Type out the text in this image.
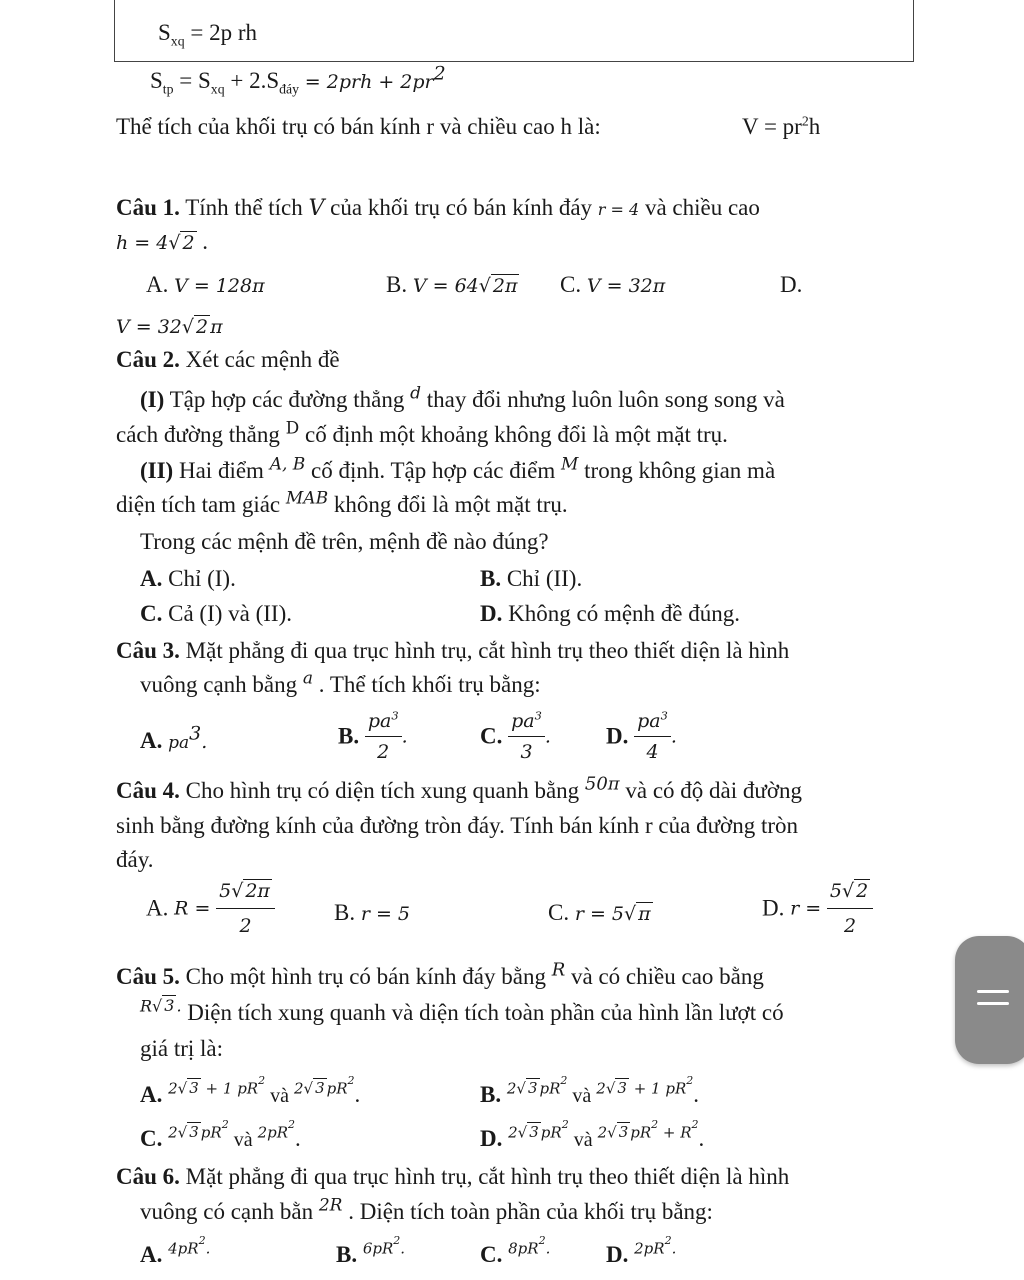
$S_{xq} = 2p$ rh
$S_{tp} = S_{xq} + 2.S_{đáy} = 2prh + 2pr^2$
Thể tích của khối trụ có bán kính r và chiều cao h là:	$V = pr^2h$
Câu 1. Tính thể tích V của khối trụ có bán kính đáy r = 4 và chiều cao
h = 4√ 2 .
A. V = 128π	B. V = 64√ 2π C. V = 32π	D.
V = 32√ 2 π
Câu 2. Xét các mệnh đề
(I) Tập hợp các đường thẳng $^d$ thay đổi nhưng luôn luôn song song và
cách đường thẳng $^D$ cố định một khoảng không đổi là một mặt trụ.
(II) Hai điểm $^{A, B}$ cố định. Tập hợp các điểm $^M$ trong không gian mà
diện tích tam giác $^{MAB}$ không đổi là một mặt trụ.
Trong các mệnh đề trên, mệnh đề nào đúng?
A. Chỉ (I).	B. Chỉ (II).
C. Cả (I) và (II).	D. Không có mệnh đề đúng.
Câu 3. Mặt phẳng đi qua trục hình trụ, cắt hình trụ theo thiết diện là hình
vuông cạnh bằng $^a$ . Thể tích khối trụ bằng:
A. $pa^3$.	B. $\frac{pa^3}{2}$ .	C. $\frac{pa^3}{3}$ . D. $\frac{pa^3}{4}$ .
Câu 4. Cho hình trụ có diện tích xung quanh bằng $^{50\pi}$ và có độ dài đường
sinh bằng đường kính của đường tròn đáy. Tính bán kính r của đường tròn
đáy.
A. $R = \frac{5√ 2\pi}{2}$	B. r = 5	C. r = 5√ π	D. $r = \frac{5√ 2}{2}$
Câu 5. Cho một hình trụ có bán kính đáy bằng $^R$ và có chiều cao bằng
$^{R√}$ $^3$ . Diện tích xung quanh và diện tích toàn phần của hình lần lượt có
giá trị là:
A. $^{2√}$ $^3$ $^{+ 1 pR2}$ và $^{2√}$ $^3$ $^{pR2}$.	B. $^{2√}$ $^3$ $^{pR2}$ và $^{2√}$ $^3$ $^{+ 1 pR2}$.
C. $^{2√}$ $^3$ $^{pR2}$ và $^{2pR2}$.	D. $^{2√}$ $^3$ $^{pR2}$ và $^{2√}$ $^3$ $^{pR2}$ $^{+ R2}$.
Câu 6. Mặt phẳng đi qua trục hình trụ, cắt hình trụ theo thiết diện là hình
vuông có cạnh bằn $^{2R}$ . Diện tích toàn phần của khối trụ bằng:
A. $^{4pR2.}$	B. $^{6pR2.}$	C. $^{8pR2.}$ D. $^{2pR2.}$
